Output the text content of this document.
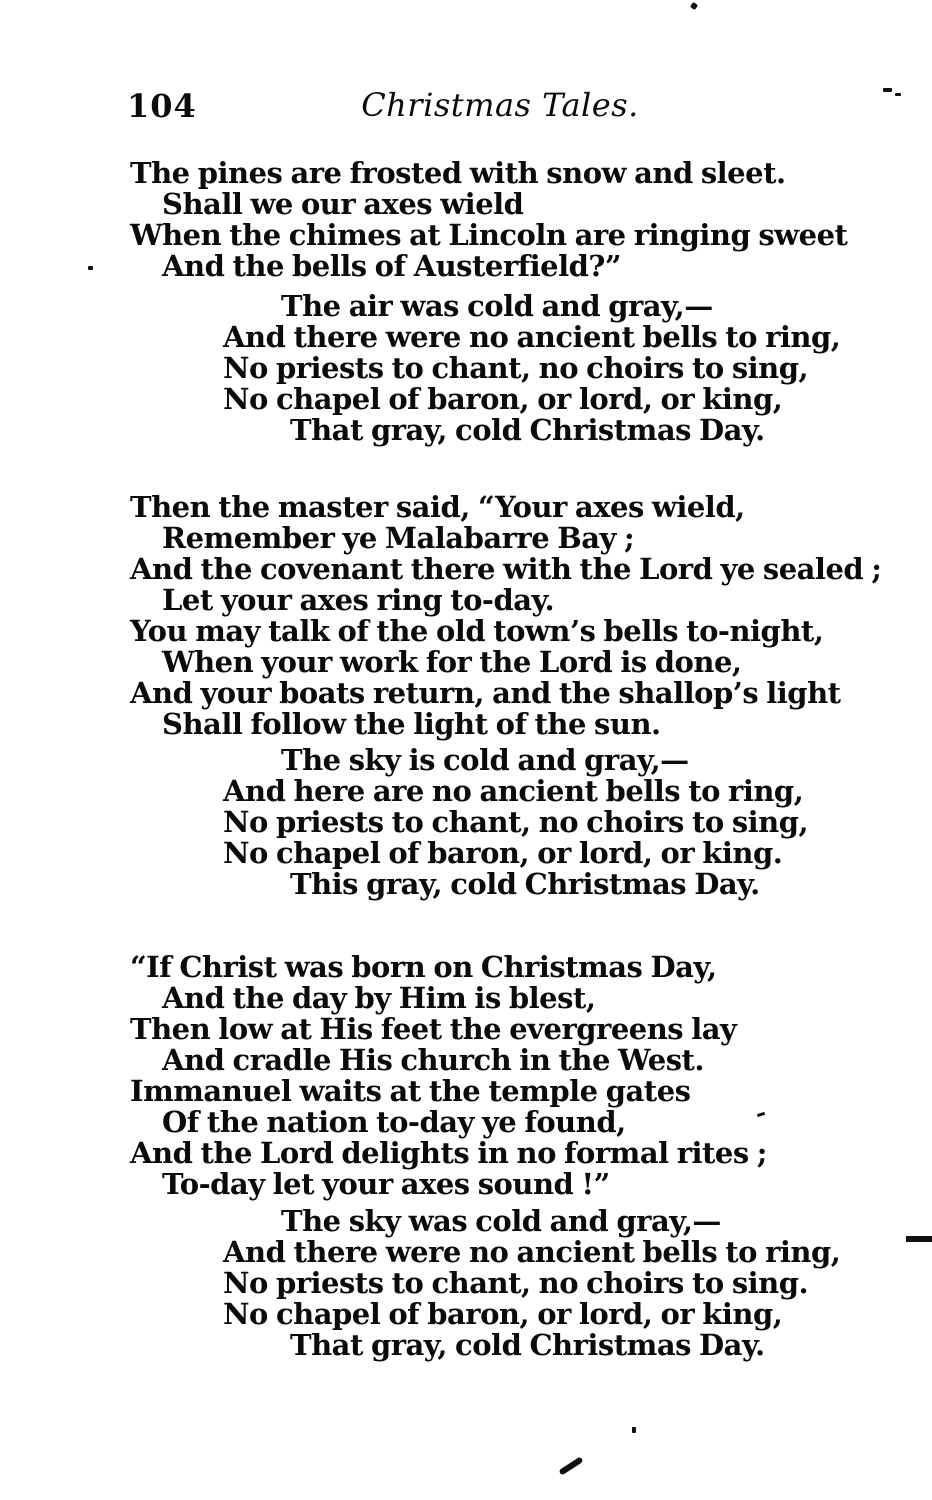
104	Christmas Tales.
The pines are frosted with snow and sleet.
Shall we our axes wield
When the chimes at Lincoln are ringing sweet
And the bells of Austerfield?”
The air was cold and gray,—
And there were no ancient bells to ring,
No priests to chant, no choirs to sing,
No chapel of baron, or lord, or king,
That gray, cold Christmas Day.
Then the master said, “Your axes wield,
Remember ye Malabarre Bay ;
And the covenant there with the Lord ye sealed ;
Let your axes ring to-day.
You may talk of the old town’s bells to-night,
When your work for the Lord is done,
And your boats return, and the shallop’s light
Shall follow the light of the sun.
The sky is cold and gray,—
And here are no ancient bells to ring,
No priests to chant, no choirs to sing,
No chapel of baron, or lord, or king.
This gray, cold Christmas Day.
“If Christ was born on Christmas Day,
And the day by Him is blest,
Then low at His feet the evergreens lay
And cradle His church in the West.
Immanuel waits at the temple gates
Of the nation to-day ye found,
And the Lord delights in no formal rites ;
To-day let your axes sound !”
The sky was cold and gray,—
And there were no ancient bells to ring,
No priests to chant, no choirs to sing.
No chapel of baron, or lord, or king,
That gray, cold Christmas Day.
